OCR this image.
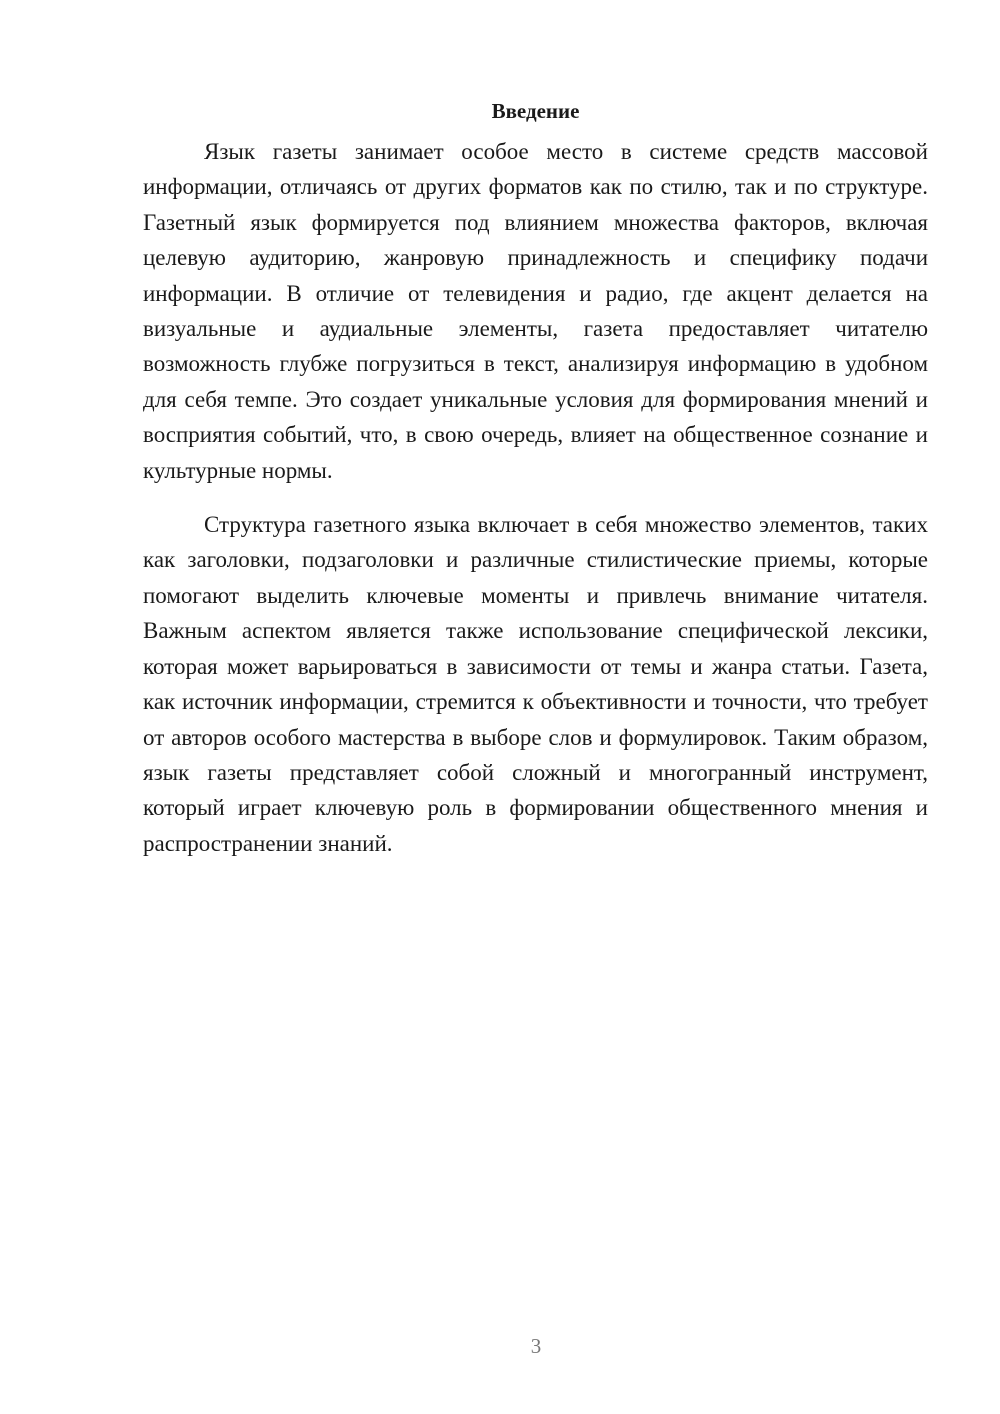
Введение

Язык газеты занимает особое место в системе средств массовой информации, отличаясь от других форматов как по стилю, так и по структуре. Газетный язык формируется под влиянием множества факторов, включая целевую аудиторию, жанровую принадлежность и специфику подачи информации. В отличие от телевидения и радио, где акцент делается на визуальные и аудиальные элементы, газета предоставляет читателю возможность глубже погрузиться в текст, анализируя информацию в удобном для себя темпе. Это создает уникальные условия для формирования мнений и восприятия событий, что, в свою очередь, влияет на общественное сознание и культурные нормы.

Структура газетного языка включает в себя множество элементов, таких как заголовки, подзаголовки и различные стилистические приемы, которые помогают выделить ключевые моменты и привлечь внимание читателя. Важным аспектом является также использование специфической лексики, которая может варьироваться в зависимости от темы и жанра статьи. Газета, как источник информации, стремится к объективности и точности, что требует от авторов особого мастерства в выборе слов и формулировок. Таким образом, язык газеты представляет собой сложный и многогранный инструмент, который играет ключевую роль в формировании общественного мнения и распространении знаний.

3
